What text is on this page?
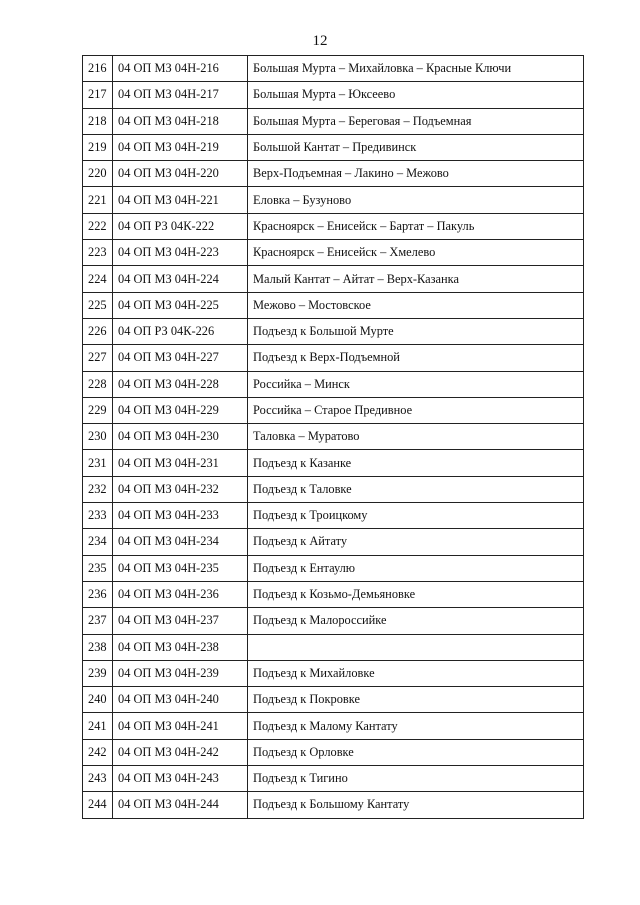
12
216	04 ОП МЗ 04Н-216	Большая Мурта – Михайловка – Красные Ключи
217	04 ОП МЗ 04Н-217	Большая Мурта – Юксеево
218	04 ОП МЗ 04Н-218	Большая Мурта – Береговая – Подъемная
219	04 ОП МЗ 04Н-219	Большой Кантат – Предивинск
220	04 ОП МЗ 04Н-220	Верх-Подъемная – Лакино – Межово
221	04 ОП МЗ 04Н-221	Еловка – Бузуново
222	04 ОП РЗ 04К-222	Красноярск – Енисейск – Бартат – Пакуль
223	04 ОП МЗ 04Н-223	Красноярск – Енисейск – Хмелево
224	04 ОП МЗ 04Н-224	Малый Кантат – Айтат – Верх-Казанка
225	04 ОП МЗ 04Н-225	Межово – Мостовское
226	04 ОП РЗ 04К-226	Подъезд к Большой Мурте
227	04 ОП МЗ 04Н-227	Подъезд к Верх-Подъемной
228	04 ОП МЗ 04Н-228	Российка – Минск
229	04 ОП МЗ 04Н-229	Российка – Старое Предивное
230	04 ОП МЗ 04Н-230	Таловка – Муратово
231	04 ОП МЗ 04Н-231	Подъезд к Казанке
232	04 ОП МЗ 04Н-232	Подъезд к Таловке
233	04 ОП МЗ 04Н-233	Подъезд к Троицкому
234	04 ОП МЗ 04Н-234	Подъезд к Айтату
235	04 ОП МЗ 04Н-235	Подъезд к Ентаулю
236	04 ОП МЗ 04Н-236	Подъезд к Козьмо-Демьяновке
237	04 ОП МЗ 04Н-237	Подъезд к Малороссийке
238	04 ОП МЗ 04Н-238	
239	04 ОП МЗ 04Н-239	Подъезд к Михайловке
240	04 ОП МЗ 04Н-240	Подъезд к Покровке
241	04 ОП МЗ 04Н-241	Подъезд к Малому Кантату
242	04 ОП МЗ 04Н-242	Подъезд к Орловке
243	04 ОП МЗ 04Н-243	Подъезд к Тигино
244	04 ОП МЗ 04Н-244	Подъезд к Большому Кантату
